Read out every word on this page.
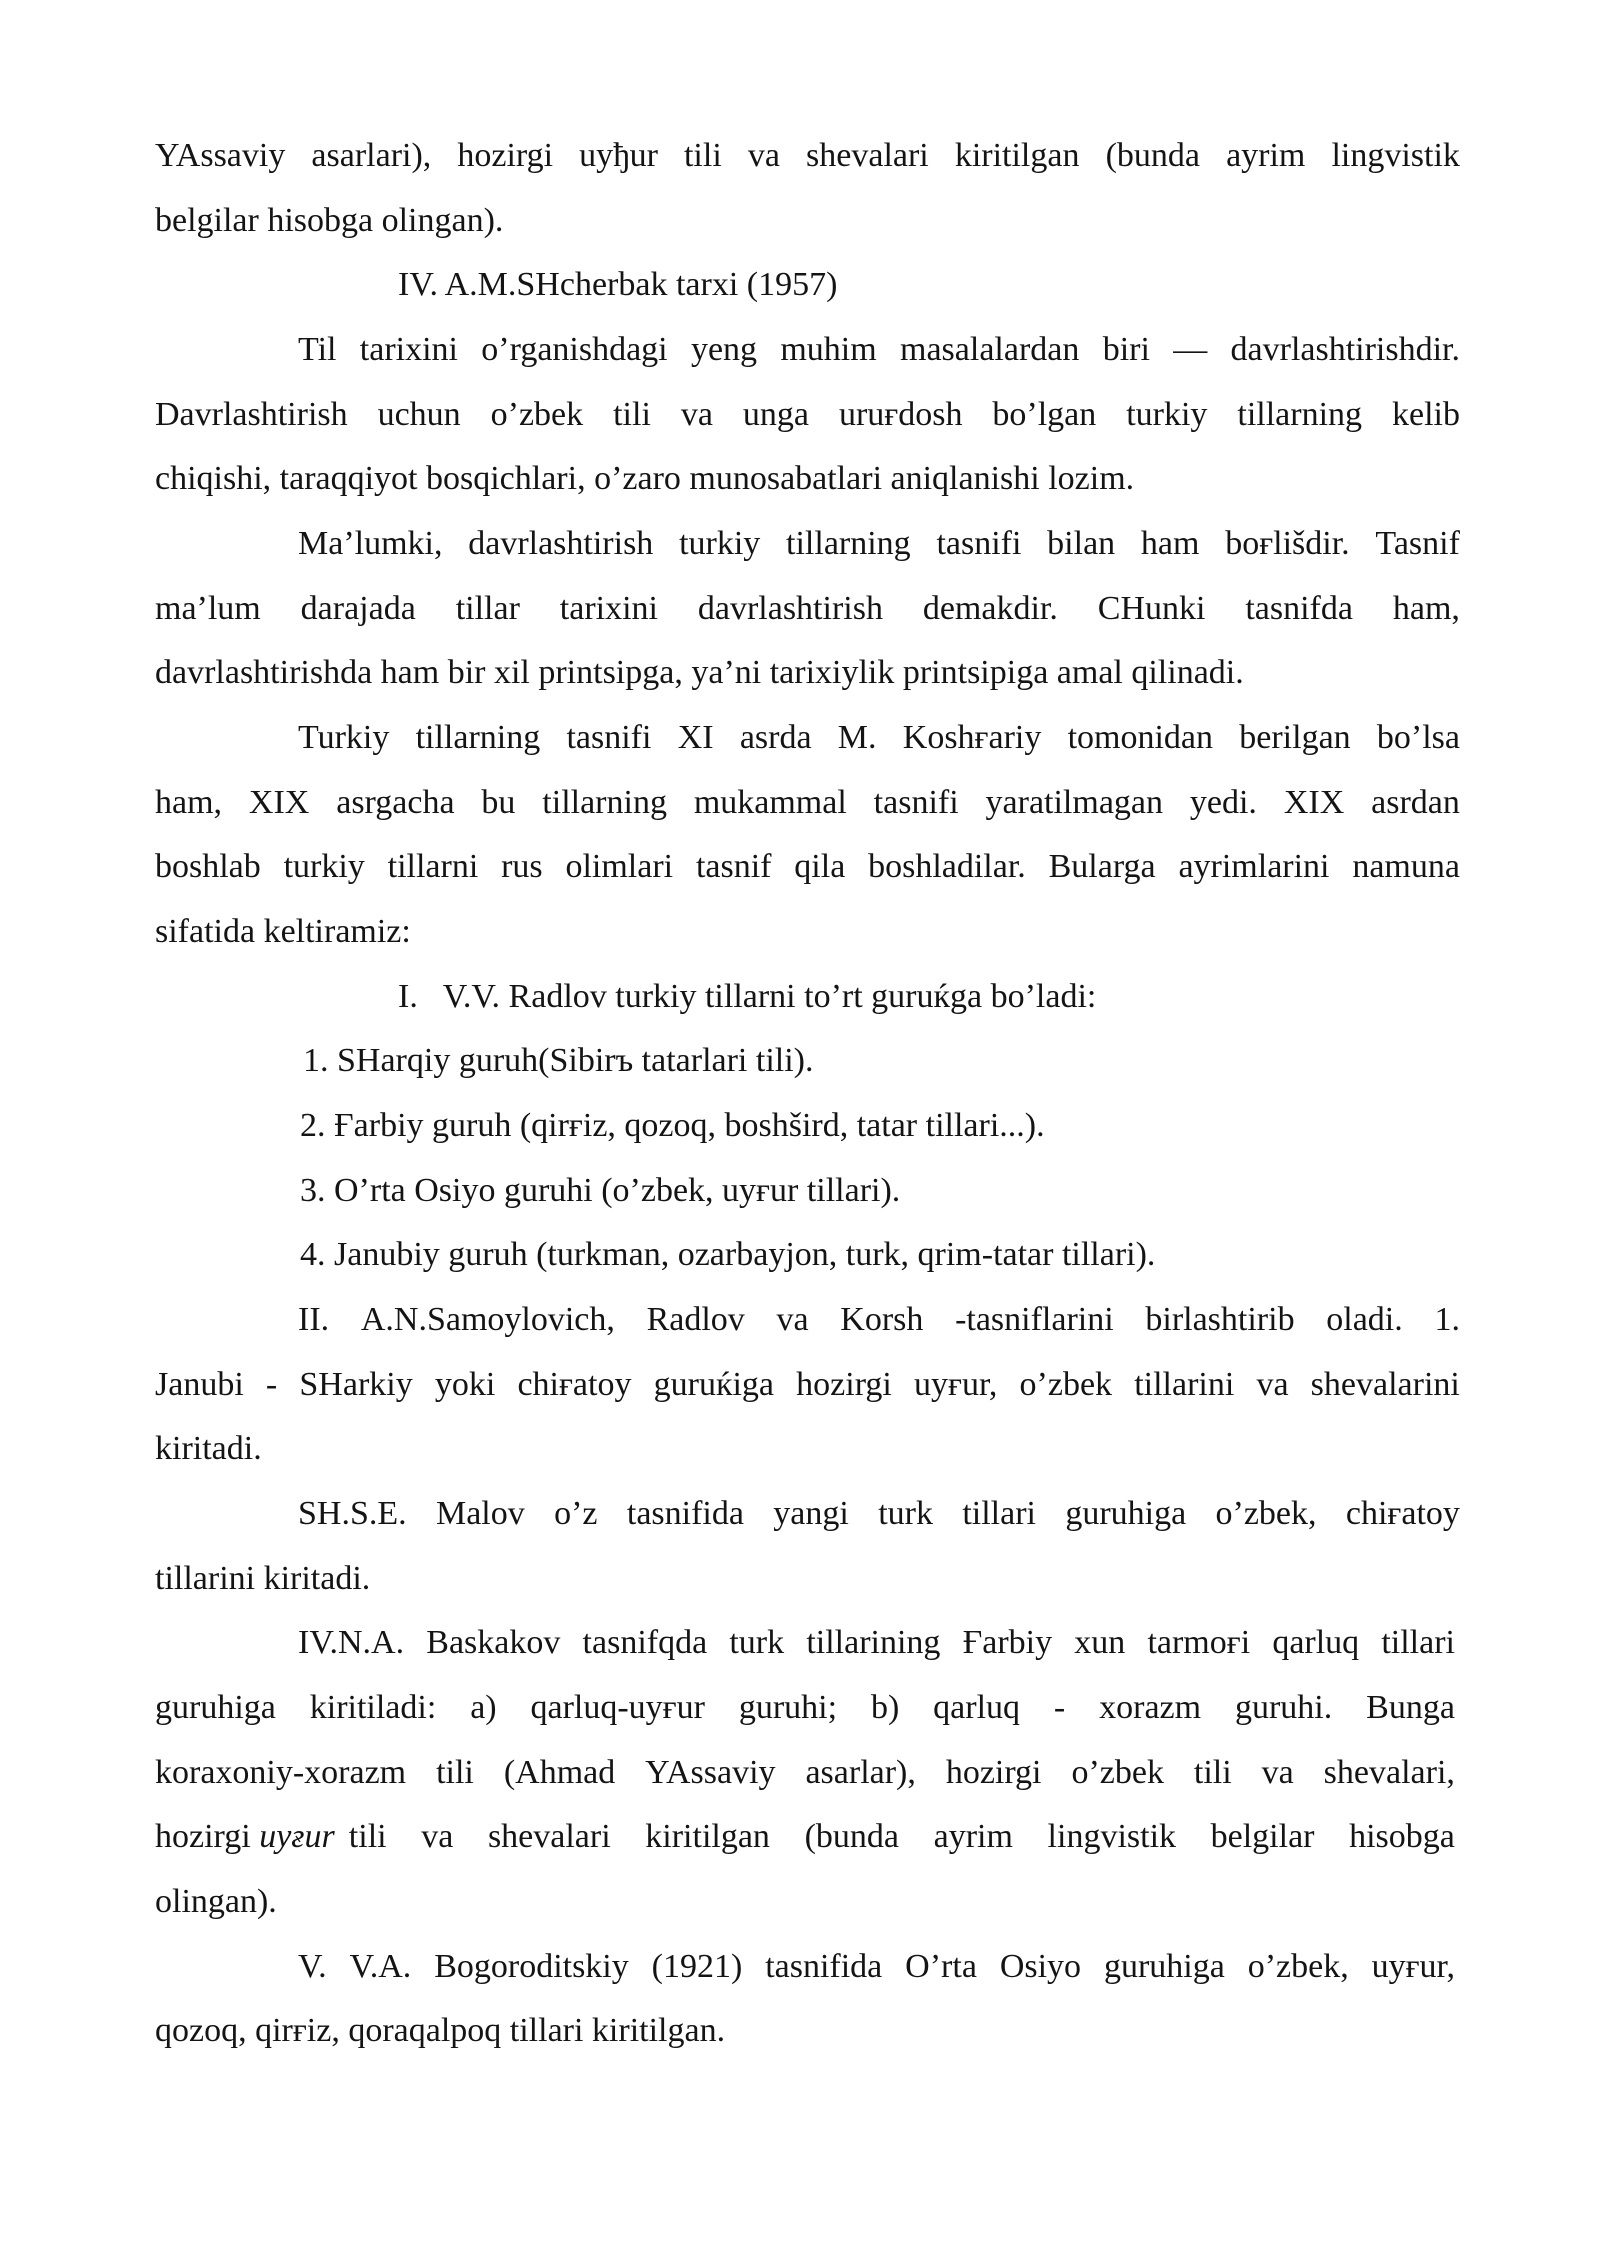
YAssaviy asarlari), hozirgi uyђur tili va shevalari kiritilgan (bunda ayrim lingvistik
belgilar hisobga olingan).
IV. A.M.SHcherbak tarxi (1957)
Til tarixini o’rganishdagi yeng muhim masalalardan biri — davrlashtirishdir.
Davrlashtirish uchun o’zbek tili va unga uruғdosh bo’lgan turkiy tillarning kelib
chiqishi, taraqqiyot bosqichlari, o’zaro munosabatlari aniqlanishi lozim.
Ma’lumki, davrlashtirish turkiy tillarning tasnifi bilan ham boғlišdir. Tasnif
ma’lum darajada tillar tarixini davrlashtirish demakdir. CHunki tasnifda ham,
davrlashtirishda ham bir xil printsipga, ya’ni tarixiylik printsipiga amal qilinadi.
Turkiy tillarning tasnifi XI asrda M. Koshғariy tomonidan berilgan bo’lsa
ham, XIX asrgacha bu tillarning mukammal tasnifi yaratilmagan yedi. XIX asrdan
boshlab turkiy tillarni rus olimlari tasnif qila boshladilar. Bularga ayrimlarini namuna
sifatida keltiramiz:
I.   V.V. Radlov turkiy tillarni to’rt guruќga bo’ladi:
1. SHarqiy guruh(Sibirъ tatarlari tili).
2. Ғarbiy guruh (qirғiz, qozoq, boshšird, tatar tillari...).
3. O’rta Osiyo guruhi (o’zbek, uyғur tillari).
4. Janubiy guruh (turkman, ozarbayjon, turk, qrim-tatar tillari).
II. A.N.Samoylovich, Radlov va Korsh -tasniflarini birlashtirib oladi. 1.
Janubi - SHarkiy yoki chiғatoy guruќiga hozirgi uyғur, o’zbek tillarini va shevalarini
kiritadi.
SH.S.E. Malov o’z tasnifida yangi turk tillari guruhiga o’zbek, chiғatoy
tillarini kiritadi.
IV.N.A. Baskakov tasnifqda turk tillarining Ғarbiy xun tarmoғi qarluq tillari
guruhiga kiritiladi: a) qarluq-uyғur guruhi; b) qarluq - xorazm guruhi. Bunga
koraxoniy-xorazm tili (Ahmad YAssaviy asarlar), hozirgi o’zbek tili va shevalari,
hozirgi uyғur tili va shevalari kiritilgan (bunda ayrim lingvistik belgilar hisobga
olingan).
V. V.A. Bogoroditskiy (1921) tasnifida O’rta Osiyo guruhiga o’zbek, uyғur,
qozoq, qirғiz, qoraqalpoq tillari kiritilgan.
